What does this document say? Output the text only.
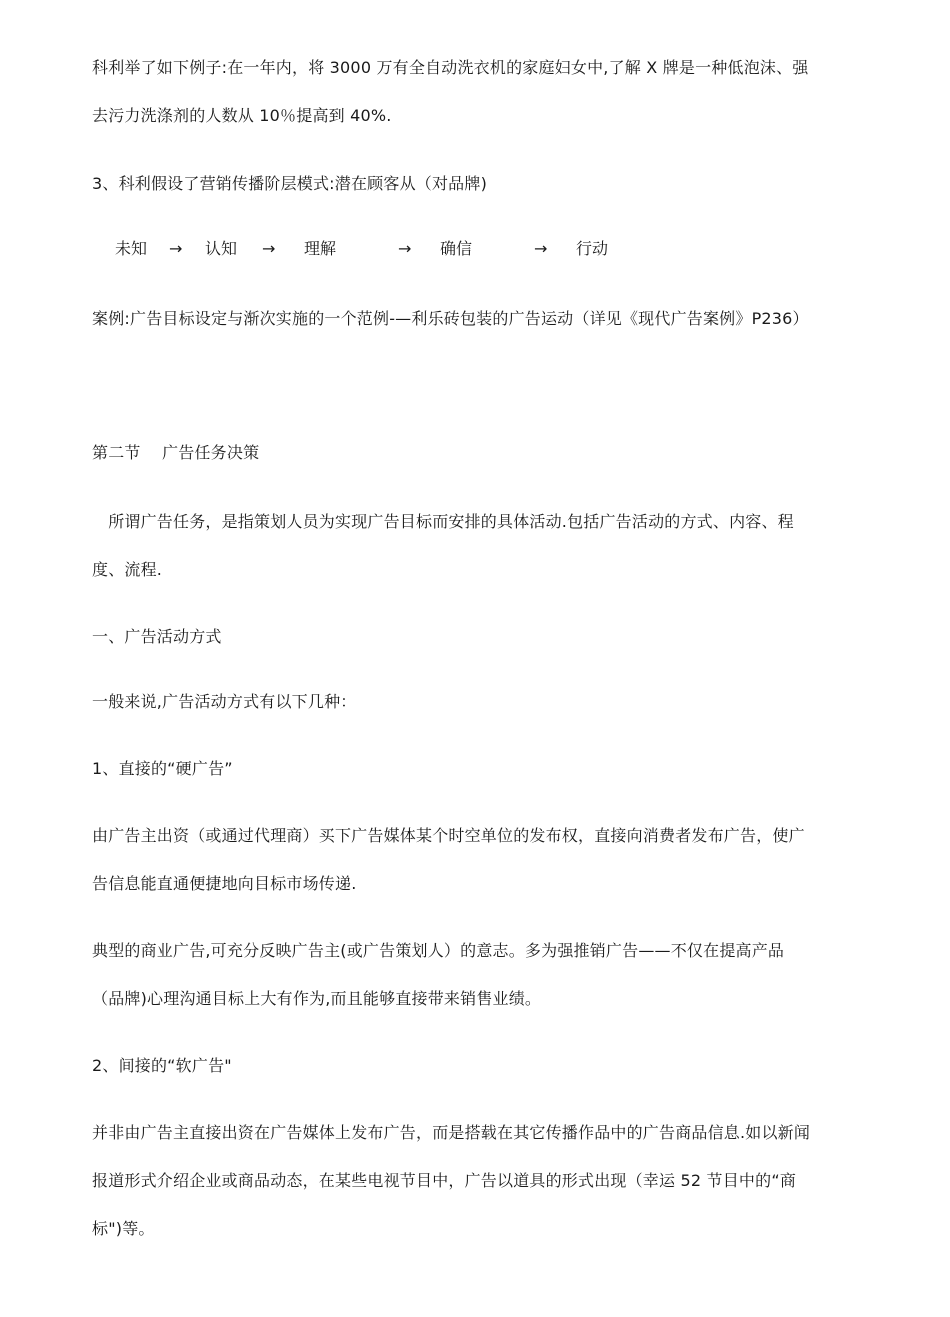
科利举了如下例子:在一年内，将 3000 万有全自动洗衣机的家庭妇女中,了解 X 牌是一种低泡沫、强
去污力洗涤剂的人数从 10％提高到 40%.
3、科利假设了营销传播阶层模式:潜在顾客从（对品牌)
未知 → 认知 → 理解	→ 确信	→ 行动
案例:广告目标设定与渐次实施的一个范例-—利乐砖包装的广告运动（详见《现代广告案例》P236）
第二节　 广告任务决策
　所谓广告任务，是指策划人员为实现广告目标而安排的具体活动.包括广告活动的方式、内容、程
度、流程.
一、广告活动方式
一般来说,广告活动方式有以下几种：
1、直接的“硬广告”
由广告主出资（或通过代理商）买下广告媒体某个时空单位的发布权，直接向消费者发布广告，使广
告信息能直通便捷地向目标市场传递.
典型的商业广告,可充分反映广告主(或广告策划人）的意志。多为强推销广告——不仅在提高产品
（品牌)心理沟通目标上大有作为,而且能够直接带来销售业绩。
2、间接的“软广告"
并非由广告主直接出资在广告媒体上发布广告，而是搭载在其它传播作品中的广告商品信息.如以新闻
报道形式介绍企业或商品动态，在某些电视节目中，广告以道具的形式出现（幸运 52 节目中的“商
标")等。
